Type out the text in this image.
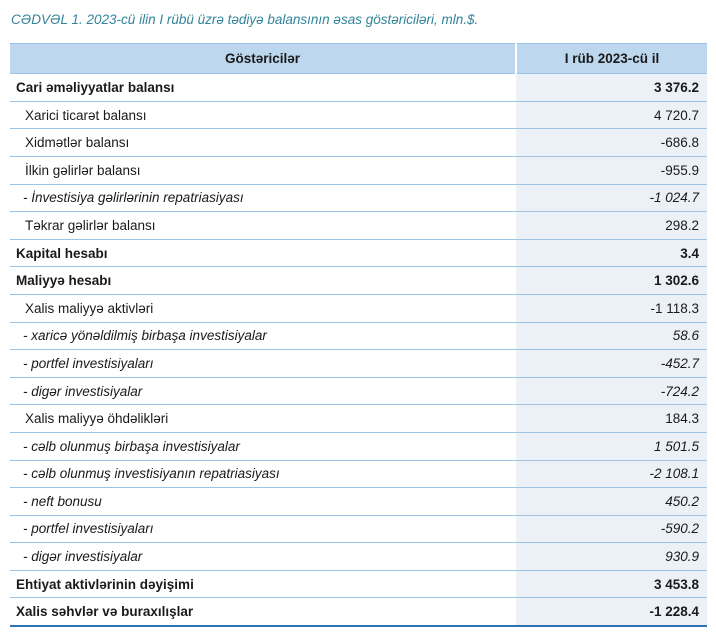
CƏDVƏL 1. 2023-cü ilin I rübü üzrə tədiyə balansının əsas göstəriciləri, mln.$.
Göstəricilər	I rüb 2023-cü il
Cari əməliyyatlar balansı	3 376.2
Xarici ticarət balansı	4 720.7
Xidmətlər balansı	-686.8
İlkin gəlirlər balansı	-955.9
- İnvestisiya gəlirlərinin repatriasiyası	-1 024.7
Təkrar gəlirlər balansı	298.2
Kapital hesabı	3.4
Maliyyə hesabı	1 302.6
Xalis maliyyə aktivləri	-1 118.3
- xaricə yönəldilmiş birbaşa investisiyalar	58.6
- portfel investisiyaları	-452.7
- digər investisiyalar	-724.2
Xalis maliyyə öhdəlikləri	184.3
- cəlb olunmuş birbaşa investisiyalar	1 501.5
- cəlb olunmuş investisiyanın repatriasiyası	-2 108.1
- neft bonusu	450.2
- portfel investisiyaları	-590.2
- digər investisiyalar	930.9
Ehtiyat aktivlərinin dəyişimi	3 453.8
Xalis səhvlər və buraxılışlar	-1 228.4
